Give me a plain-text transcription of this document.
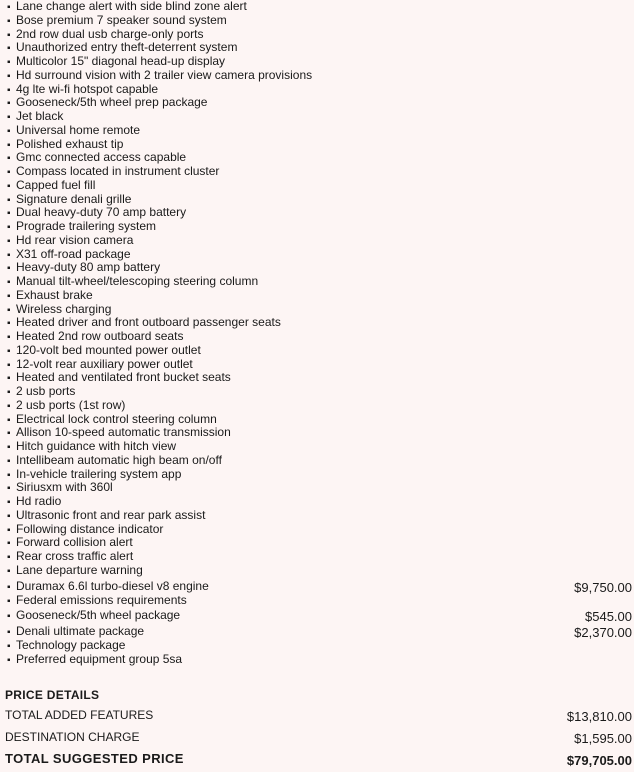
▪ Lane change alert with side blind zone alert
▪ Bose premium 7 speaker sound system
▪ 2nd row dual usb charge-only ports
▪ Unauthorized entry theft-deterrent system
▪ Multicolor 15" diagonal head-up display
▪ Hd surround vision with 2 trailer view camera provisions
▪ 4g lte wi-fi hotspot capable
▪ Gooseneck/5th wheel prep package
▪ Jet black
▪ Universal home remote
▪ Polished exhaust tip
▪ Gmc connected access capable
▪ Compass located in instrument cluster
▪ Capped fuel fill
▪ Signature denali grille
▪ Dual heavy-duty 70 amp battery
▪ Prograde trailering system
▪ Hd rear vision camera
▪ X31 off-road package
▪ Heavy-duty 80 amp battery
▪ Manual tilt-wheel/telescoping steering column
▪ Exhaust brake
▪ Wireless charging
▪ Heated driver and front outboard passenger seats
▪ Heated 2nd row outboard seats
▪ 120-volt bed mounted power outlet
▪ 12-volt rear auxiliary power outlet
▪ Heated and ventilated front bucket seats
▪ 2 usb ports
▪ 2 usb ports (1st row)
▪ Electrical lock control steering column
▪ Allison 10-speed automatic transmission
▪ Hitch guidance with hitch view
▪ Intellibeam automatic high beam on/off
▪ In-vehicle trailering system app
▪ Siriusxm with 360l
▪ Hd radio
▪ Ultrasonic front and rear park assist
▪ Following distance indicator
▪ Forward collision alert
▪ Rear cross traffic alert
▪ Lane departure warning
▪ Duramax 6.6l turbo-diesel v8 engine	$9,750.00
▪ Federal emissions requirements
▪ Gooseneck/5th wheel package	$545.00
▪ Denali ultimate package	$2,370.00
▪ Technology package
▪ Preferred equipment group 5sa
PRICE DETAILS
TOTAL ADDED FEATURES	$13,810.00
DESTINATION CHARGE	$1,595.00
TOTAL SUGGESTED PRICE	$79,705.00
